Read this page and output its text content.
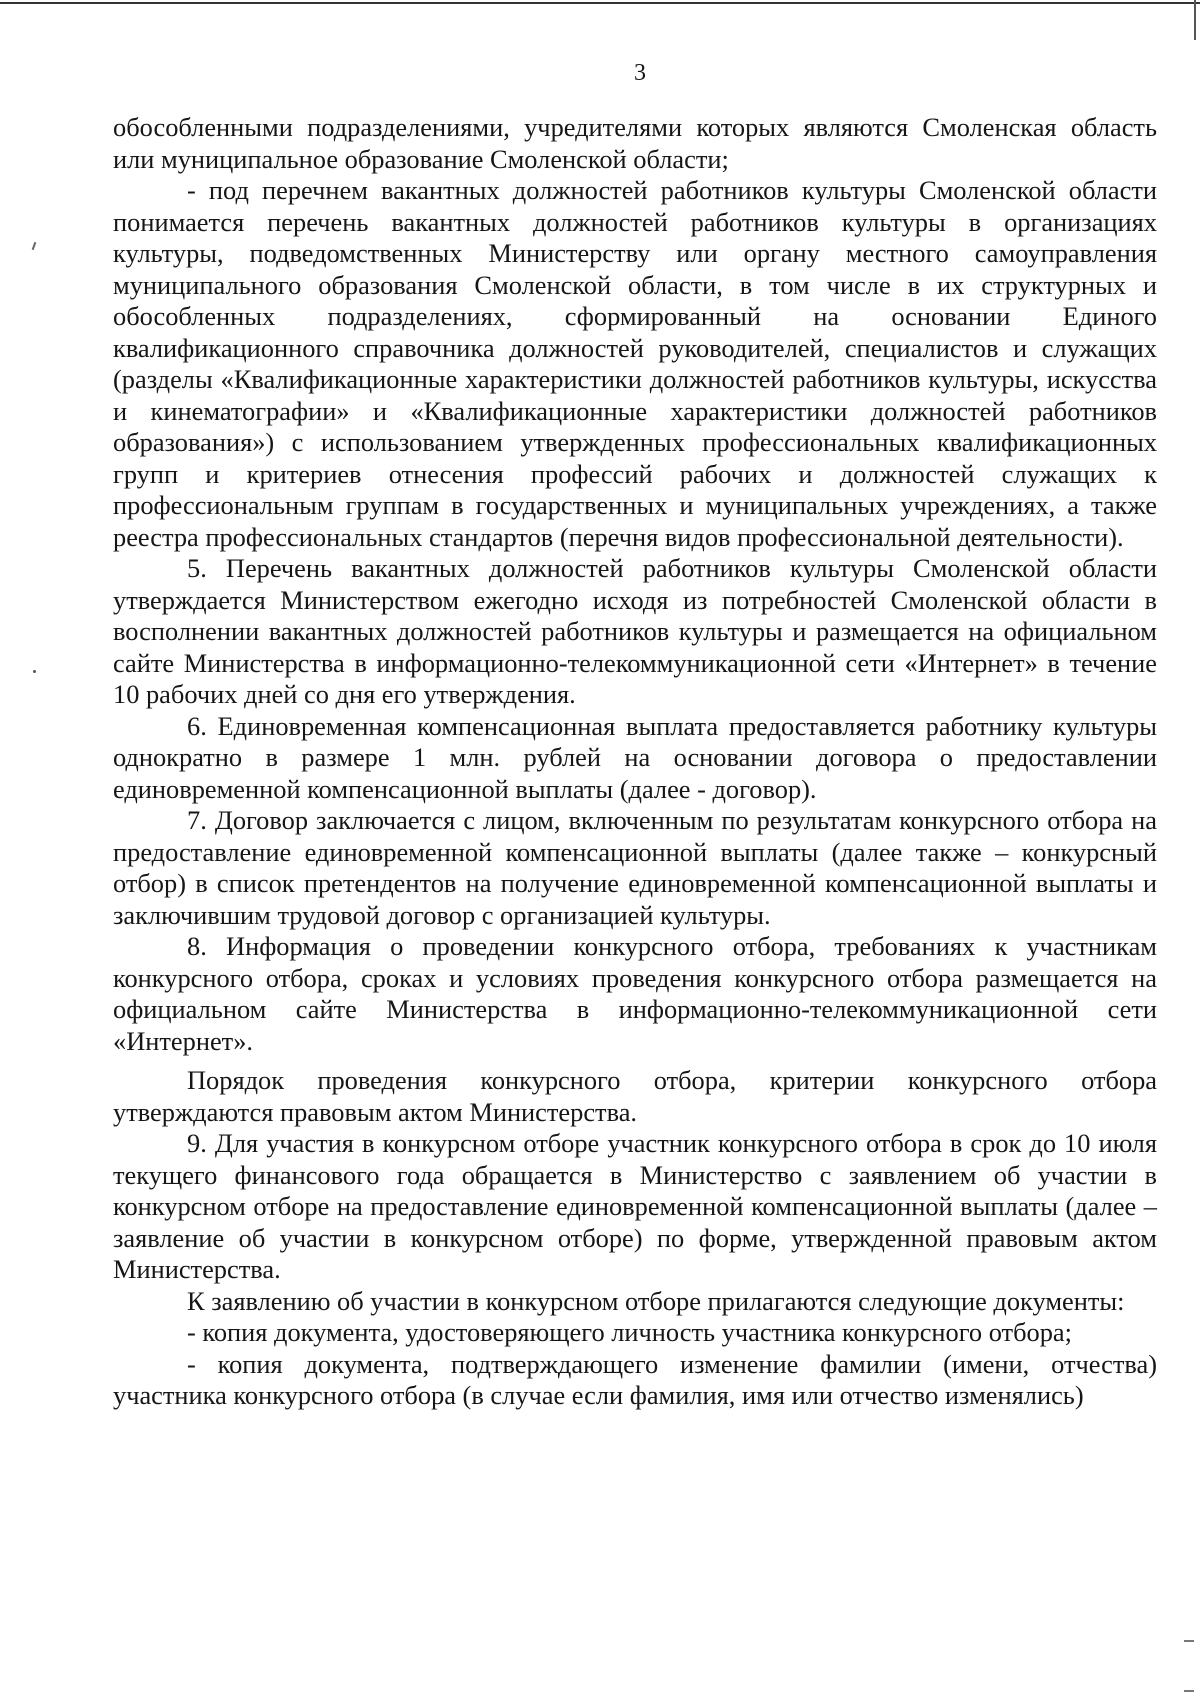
3

обособленными подразделениями, учредителями которых являются Смоленская область или муниципальное образование Смоленской области;

- под перечнем вакантных должностей работников культуры Смоленской области понимается перечень вакантных должностей работников культуры в организациях культуры, подведомственных Министерству или органу местного самоуправления муниципального образования Смоленской области, в том числе в их структурных и обособленных подразделениях, сформированный на основании Единого квалификационного справочника должностей руководителей, специалистов и служащих (разделы «Квалификационные характеристики должностей работников культуры, искусства и кинематографии» и «Квалификационные характеристики должностей работников образования») с использованием утвержденных профессиональных квалификационных групп и критериев отнесения профессий рабочих и должностей служащих к профессиональным группам в государственных и муниципальных учреждениях, а также реестра профессиональных стандартов (перечня видов профессиональной деятельности).

5. Перечень вакантных должностей работников культуры Смоленской области утверждается Министерством ежегодно исходя из потребностей Смоленской области в восполнении вакантных должностей работников культуры и размещается на официальном сайте Министерства в информационно-телекоммуникационной сети «Интернет» в течение 10 рабочих дней со дня его утверждения.

6. Единовременная компенсационная выплата предоставляется работнику культуры однократно в размере 1 млн. рублей на основании договора о предоставлении единовременной компенсационной выплаты (далее - договор).

7. Договор заключается с лицом, включенным по результатам конкурсного отбора на предоставление единовременной компенсационной выплаты (далее также – конкурсный отбор) в список претендентов на получение единовременной компенсационной выплаты и заключившим трудовой договор с организацией культуры.

8. Информация о проведении конкурсного отбора, требованиях к участникам конкурсного отбора, сроках и условиях проведения конкурсного отбора размещается на официальном сайте Министерства в информационно-телекоммуникационной сети «Интернет».

Порядок проведения конкурсного отбора, критерии конкурсного отбора утверждаются правовым актом Министерства.

9. Для участия в конкурсном отборе участник конкурсного отбора в срок до 10 июля текущего финансового года обращается в Министерство с заявлением об участии в конкурсном отборе на предоставление единовременной компенсационной выплаты (далее – заявление об участии в конкурсном отборе) по форме, утвержденной правовым актом Министерства.

К заявлению об участии в конкурсном отборе прилагаются следующие документы:

- копия документа, удостоверяющего личность участника конкурсного отбора;

- копия документа, подтверждающего изменение фамилии (имени, отчества) участника конкурсного отбора (в случае если фамилия, имя или отчество изменялись)
